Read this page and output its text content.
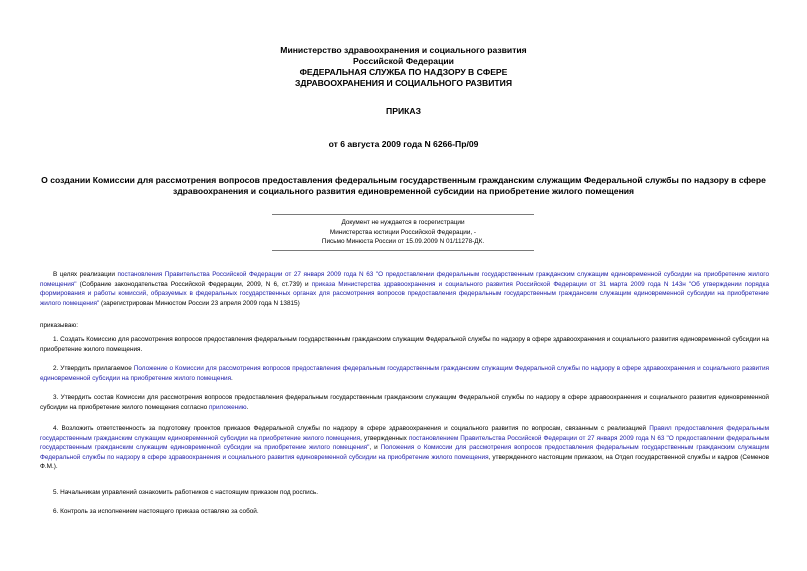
Министерство здравоохранения и социального развития
Российской Федерации
ФЕДЕРАЛЬНАЯ СЛУЖБА ПО НАДЗОРУ В СФЕРЕ
ЗДРАВООХРАНЕНИЯ И СОЦИАЛЬНОГО РАЗВИТИЯ
ПРИКАЗ
от 6 августа 2009 года N 6266-Пр/09
О создании Комиссии для рассмотрения вопросов предоставления федеральным государственным гражданским служащим Федеральной службы по надзору в сфере здравоохранения и социального развития единовременной субсидии на приобретение жилого помещения
Документ не нуждается в госрегистрации
Министерства юстиции Российской Федерации, -
Письмо Минюста России от 15.09.2009 N 01/11278-ДК.
В целях реализации постановления Правительства Российской Федерации от 27 января 2009 года N 63 "О предоставлении федеральным государственным гражданским служащим единовременной субсидии на приобретение жилого помещения" (Собрание законодательства Российской Федерации, 2009, N 6, ст.739) и приказа Министерства здравоохранения и социального развития Российской Федерации от 31 марта 2009 года N 143н "Об утверждении порядка формирования и работы комиссий, образуемых в федеральных государственных органах для рассмотрения вопросов предоставления федеральным государственным гражданским служащим единовременной субсидии на приобретение жилого помещения" (зарегистрирован Минюстом России 23 апреля 2009 года N 13815)
приказываю:
1. Создать Комиссию для рассмотрения вопросов предоставления федеральным государственным гражданским служащим Федеральной службы по надзору в сфере здравоохранения и социального развития единовременной субсидии на приобретение жилого помещения.
2. Утвердить прилагаемое Положение о Комиссии для рассмотрения вопросов предоставления федеральным государственным гражданским служащим Федеральной службы по надзору в сфере здравоохранения и социального развития единовременной субсидии на приобретение жилого помещения.
3. Утвердить состав Комиссии для рассмотрения вопросов предоставления федеральным государственным гражданским служащим Федеральной службы по надзору в сфере здравоохранения и социального развития единовременной субсидии на приобретение жилого помещения согласно приложению.
4. Возложить ответственность за подготовку проектов приказов Федеральной службы по надзору в сфере здравоохранения и социального развития по вопросам, связанным с реализацией Правил предоставления федеральным государственным гражданским служащим единовременной субсидии на приобретение жилого помещения, утвержденных постановлением Правительства Российской Федерации от 27 января 2009 года N 63 "О предоставлении федеральным государственным гражданским служащим единовременной субсидии на приобретение жилого помещения", и Положения о Комиссии для рассмотрения вопросов предоставления федеральным государственным гражданским служащим Федеральной службы по надзору в сфере здравоохранения и социального развития единовременной субсидии на приобретение жилого помещения, утвержденного настоящим приказом, на Отдел государственной службы и кадров (Семенов Ф.М.).
5. Начальникам управлений ознакомить работников с настоящим приказом под роспись.
6. Контроль за исполнением настоящего приказа оставляю за собой.
